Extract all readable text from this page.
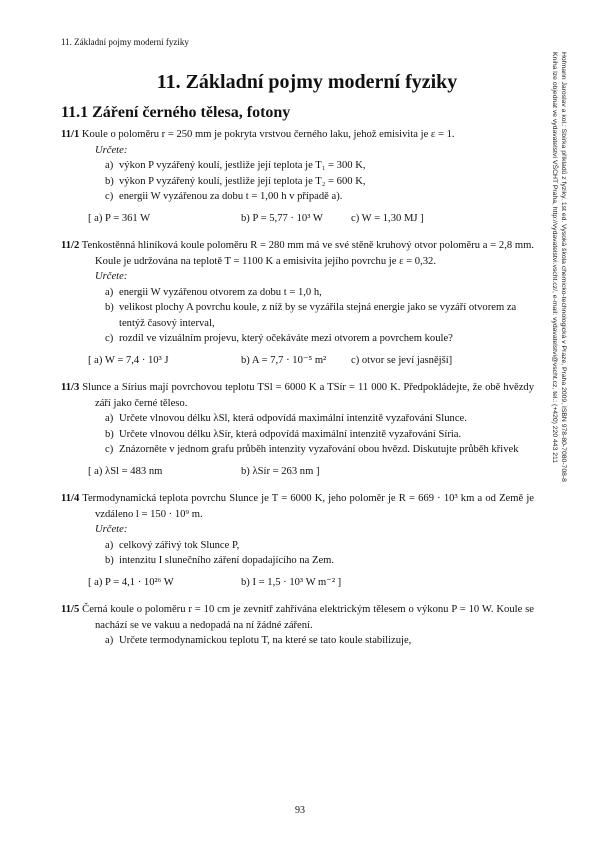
11. Základní pojmy moderní fyziky
Hofmann Jaroslav a kol.: Sbírka příkladů z fyziky. 1st ed. Vysoká škola chemicko-technologická v Praze, Praha 2009, ISBN 978-80-7080-708-8
Kniha lze objednat ve vydavatelství VŠCHT Praha, http://vydavatelstvi.vscht.cz/, e-mail: vydavatelstvi@vscht.cz, tel.: (+420) 220 443 211
11. Základní pojmy moderní fyziky
11.1 Záření černého tělesa, fotony
11/1 Koule o poloměru r = 250 mm je pokryta vrstvou černého laku, jehož emisivita je ε = 1.
Určete:
a) výkon P vyzářený koulí, jestliže její teplota je T₁ = 300 K,
b) výkon P vyzářený koulí, jestliže její teplota je T₂ = 600 K,
c) energii W vyzářenou za dobu t = 1,00 h v případě a).
[ a) P = 361 W	b) P = 5,77 · 10³ W	c) W = 1,30 MJ ]
11/2 Tenkostěnná hliníková koule poloměru R = 280 mm má ve své stěně kruhový otvor poloměru a = 2,8 mm. Koule je udržována na teplotě T = 1100 K a emisivita jejího povrchu je ε = 0,32.
Určete:
a) energii W vyzářenou otvorem za dobu t = 1,0 h,
b) velikost plochy A povrchu koule, z níž by se vyzářila stejná energie jako se vyzáří otvorem za tentýž časový interval,
c) rozdíl ve vizuálním projevu, který očekáváte mezi otvorem a povrchem koule?
[ a) W = 7,4 · 10³ J	b) A = 7,7 · 10⁻⁵ m²	c) otvor se jeví jasnější]
11/3 Slunce a Sírius mají povrchovou teplotu TSl = 6000 K a TSír = 11 000 K. Předpokládejte, že obě hvězdy září jako černé těleso.
a) Určete vlnovou délku λSl, která odpovídá maximální intenzitě vyzařování Slunce.
b) Určete vlnovou délku λSír, která odpovídá maximální intenzitě vyzařování Síria.
c) Znázorněte v jednom grafu průběh intenzity vyzařování obou hvězd. Diskutujte průběh křivek
[ a) λSl = 483 nm	b) λSír = 263 nm ]
11/4 Termodynamická teplota povrchu Slunce je T = 6000 K, jeho poloměr je R = 669 · 10³ km a od Země je vzdáleno l = 150 · 10⁹ m.
Určete:
a) celkový zářivý tok Slunce P,
b) intenzitu I slunečního záření dopadajícího na Zem.
[ a) P = 4,1 · 10²⁶ W	b) I = 1,5 · 10³ W m⁻² ]
11/5 Černá koule o poloměru r = 10 cm je zevnitř zahřívána elektrickým tělesem o výkonu P = 10 W. Koule se nachází se ve vakuu a nedopadá na ní žádné záření.
a) Určete termodynamickou teplotu T, na které se tato koule stabilizuje,
93
